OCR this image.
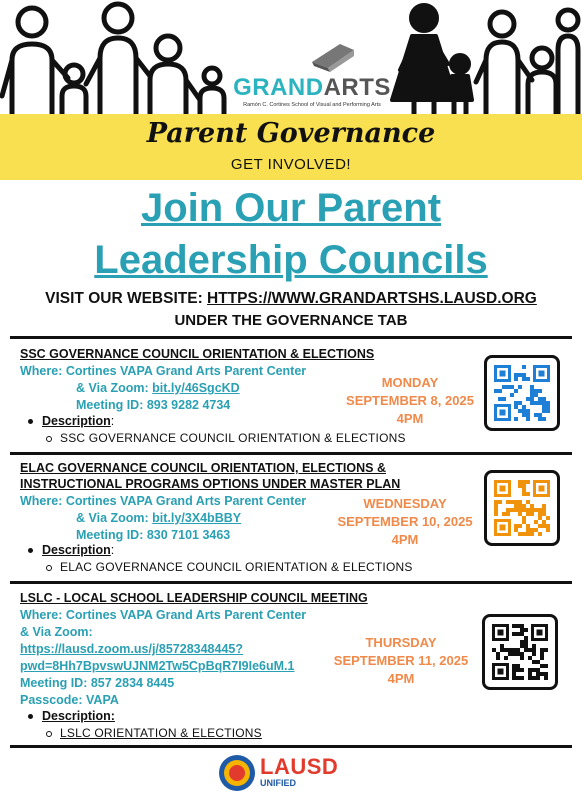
GRANDARTS
Ramón C. Cortines School of Visual and Performing Arts
Parent Governance
GET INVOLVED!
Join Our Parent
Leadership Councils
VISIT OUR WEBSITE: HTTPS://WWW.GRANDARTSHS.LAUSD.ORG
UNDER THE GOVERNANCE TAB
SSC GOVERNANCE COUNCIL ORIENTATION & ELECTIONS
Where: Cortines VAPA Grand Arts Parent Center
& Via Zoom: bit.ly/46SgcKD
Meeting ID: 893 9282 4734
Description:
SSC GOVERNANCE COUNCIL ORIENTATION & ELECTIONS
MONDAY
SEPTEMBER 8, 2025
4PM
ELAC GOVERNANCE COUNCIL ORIENTATION, ELECTIONS &
INSTRUCTIONAL PROGRAMS OPTIONS UNDER MASTER PLAN
Where: Cortines VAPA Grand Arts Parent Center
& Via Zoom: bit.ly/3X4bBBY
Meeting ID: 830 7101 3463
Description:
ELAC GOVERNANCE COUNCIL ORIENTATION & ELECTIONS
WEDNESDAY
SEPTEMBER 10, 2025
4PM
LSLC - LOCAL SCHOOL LEADERSHIP COUNCIL MEETING
Where: Cortines VAPA Grand Arts Parent Center
& Via Zoom:
https://lausd.zoom.us/j/85728348445?
pwd=8Hh7BpvswUJNM2Tw5CpBqR7I9Ie6uM.1
Meeting ID: 857 2834 8445
Passcode: VAPA
Description:
LSLC ORIENTATION & ELECTIONS
THURSDAY
SEPTEMBER 11, 2025
4PM
LAUSD
UNIFIED
